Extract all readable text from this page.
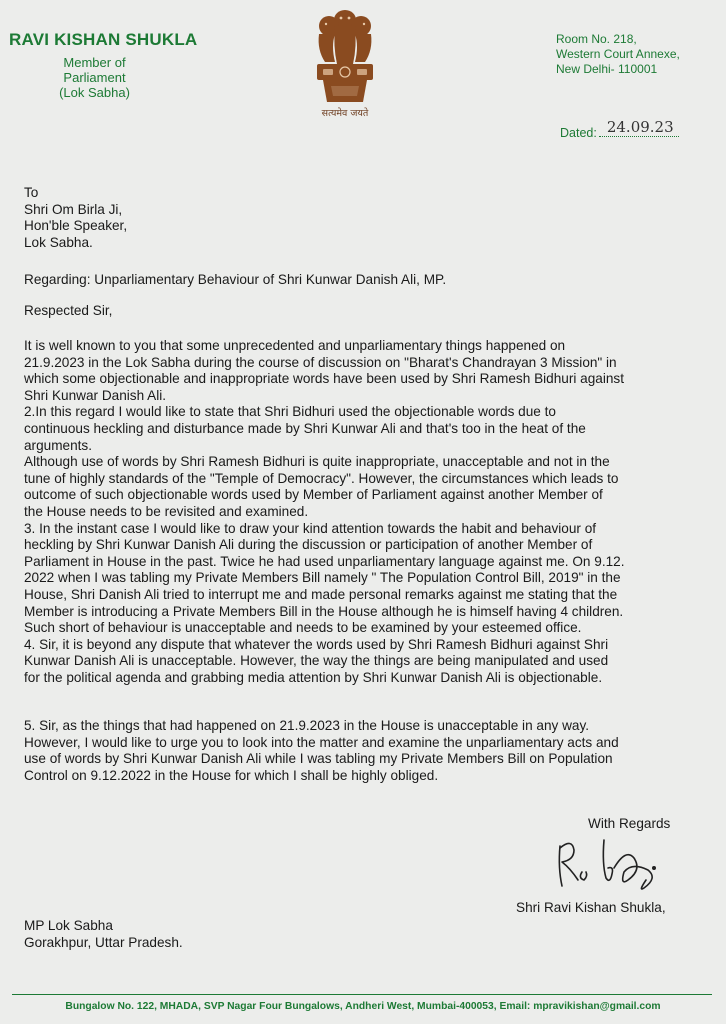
RAVI KISHAN SHUKLA
Member of Parliament
(Lok Sabha)
सत्यमेव जयते
Room No. 218,
Western Court Annexe,
New Delhi- 110001
Dated: 24.09.23
To
Shri Om Birla Ji,
Hon'ble Speaker,
Lok Sabha.
Regarding: Unparliamentary Behaviour of Shri Kunwar Danish Ali, MP.
Respected Sir,
It is well known to you that some unprecedented and unparliamentary things happened on
21.9.2023 in the Lok Sabha during the course of discussion on "Bharat's Chandrayan 3 Mission" in
which some objectionable and inappropriate words have been used by Shri Ramesh Bidhuri against
Shri Kunwar Danish Ali.
2.In this regard I would like to state that Shri Bidhuri used the objectionable words due to
continuous heckling and disturbance made by Shri Kunwar Ali and that's too in the heat of the
arguments.
Although use of words by Shri Ramesh Bidhuri is quite inappropriate, unacceptable and not in the
tune of highly standards of the "Temple of Democracy". However, the circumstances which leads to
outcome of such objectionable words used by Member of Parliament against another Member of
the House needs to be revisited and examined.
3. In the instant case I would like to draw your kind attention towards the habit and behaviour of
heckling by Shri Kunwar Danish Ali during the discussion or participation of another Member of
Parliament in House in the past. Twice he had used unparliamentary language against me. On 9.12.
2022 when I was tabling my Private Members Bill namely " The Population Control Bill, 2019" in the
House, Shri Danish Ali tried to interrupt me and made personal remarks against me stating that the
Member is introducing a Private Members Bill in the House although he is himself having 4 children.
Such short of behaviour is unacceptable and needs to be examined by your esteemed office.
4. Sir, it is beyond any dispute that whatever the words used by Shri Ramesh Bidhuri against Shri
Kunwar Danish Ali is unacceptable. However, the way the things are being manipulated and used
for the political agenda and grabbing media attention by Shri Kunwar Danish Ali is objectionable.
5. Sir, as the things that had happened on 21.9.2023 in the House is unacceptable in any way.
However, I would like to urge you to look into the matter and examine the unparliamentary acts and
use of words by Shri Kunwar Danish Ali while I was tabling my Private Members Bill on Population
Control on 9.12.2022 in the House for which I shall be highly obliged.
With Regards
Shri Ravi Kishan Shukla,
MP Lok Sabha
Gorakhpur, Uttar Pradesh.
Bungalow No. 122, MHADA, SVP Nagar Four Bungalows, Andheri West, Mumbai-400053, Email: mpravikishan@gmail.com
